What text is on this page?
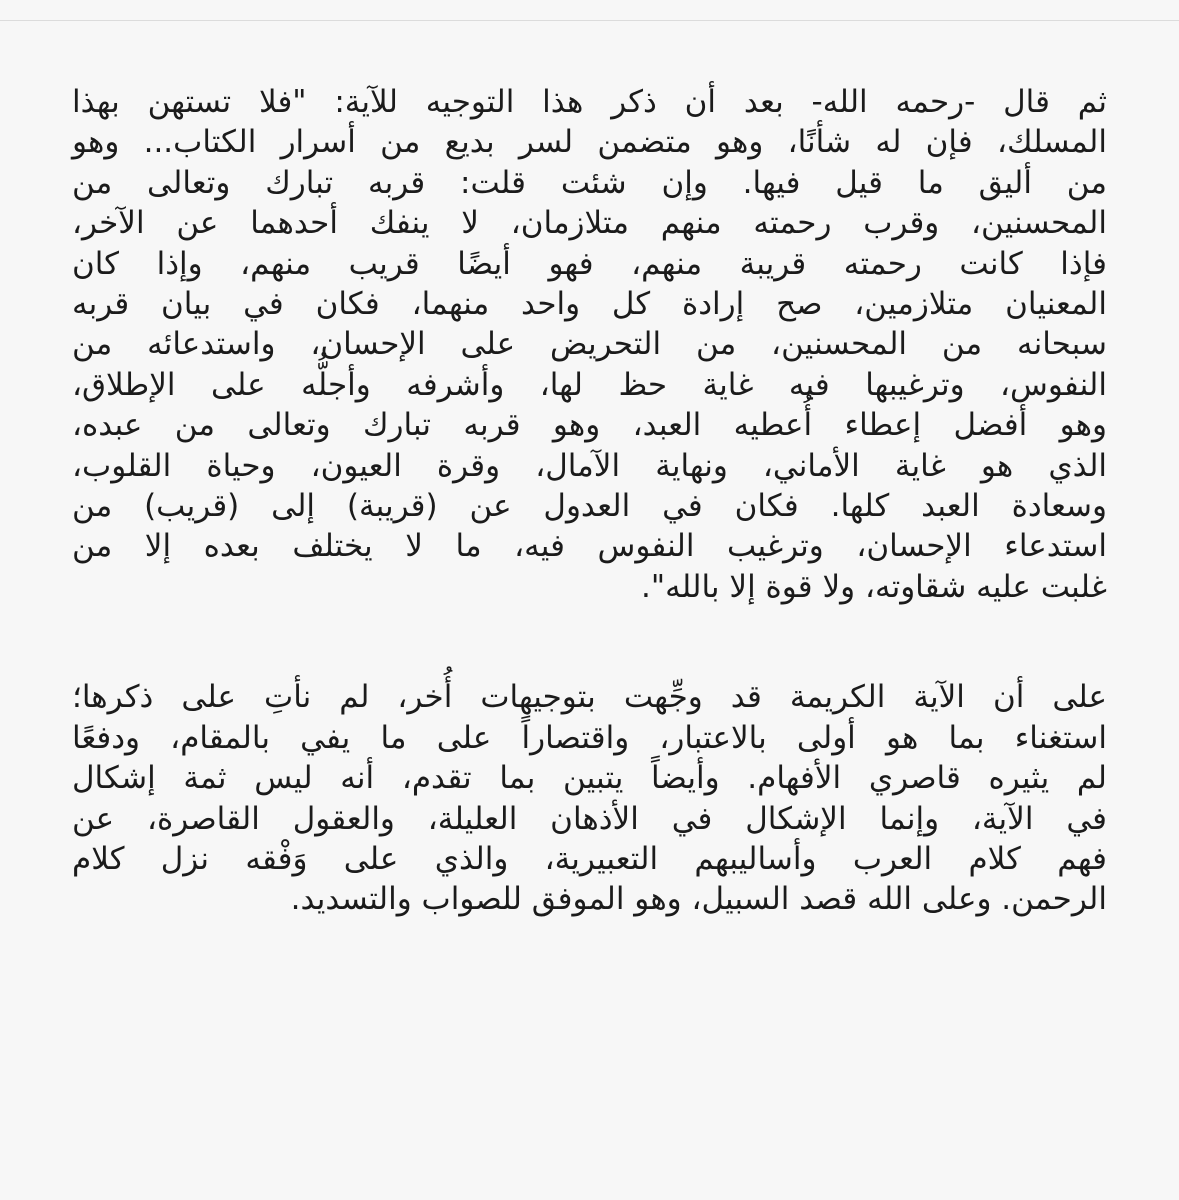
ثم قال -رحمه الله- بعد أن ذكر هذا التوجيه للآية: "فلا تستهن بهذا
المسلك، فإن له شأنًا، وهو متضمن لسر بديع من أسرار الكتاب... وهو
من أليق ما قيل فيها. وإن شئت قلت: قربه تبارك وتعالى من
المحسنين، وقرب رحمته منهم متلازمان، لا ينفك أحدهما عن الآخر،
فإذا كانت رحمته قريبة منهم، فهو أيضًا قريب منهم، وإذا كان
المعنيان متلازمين، صح إرادة كل واحد منهما، فكان في بيان قربه
سبحانه من المحسنين، من التحريض على الإحسان، واستدعائه من
النفوس، وترغيبها فيه غاية حظ لها، وأشرفه وأجلُّه على الإطلاق،
وهو أفضل إعطاء أُعطيه العبد، وهو قربه تبارك وتعالى من عبده،
الذي هو غاية الأماني، ونهاية الآمال، وقرة العيون، وحياة القلوب،
وسعادة العبد كلها. فكان في العدول عن (قريبة) إلى (قريب) من
استدعاء الإحسان، وترغيب النفوس فيه، ما لا يختلف بعده إلا من
غلبت عليه شقاوته، ولا قوة إلا بالله".
على أن الآية الكريمة قد وجِّهت بتوجيهات أُخر، لم نأتِ على ذكرها؛
استغناء بما هو أولى بالاعتبار، واقتصاراً على ما يفي بالمقام، ودفعًا
لم يثيره قاصري الأفهام. وأيضاً يتبين بما تقدم، أنه ليس ثمة إشكال
في الآية، وإنما الإشكال في الأذهان العليلة، والعقول القاصرة، عن
فهم كلام العرب وأساليبهم التعبيرية، والذي على وَفْقه نزل كلام
الرحمن. وعلى الله قصد السبيل، وهو الموفق للصواب والتسديد.
